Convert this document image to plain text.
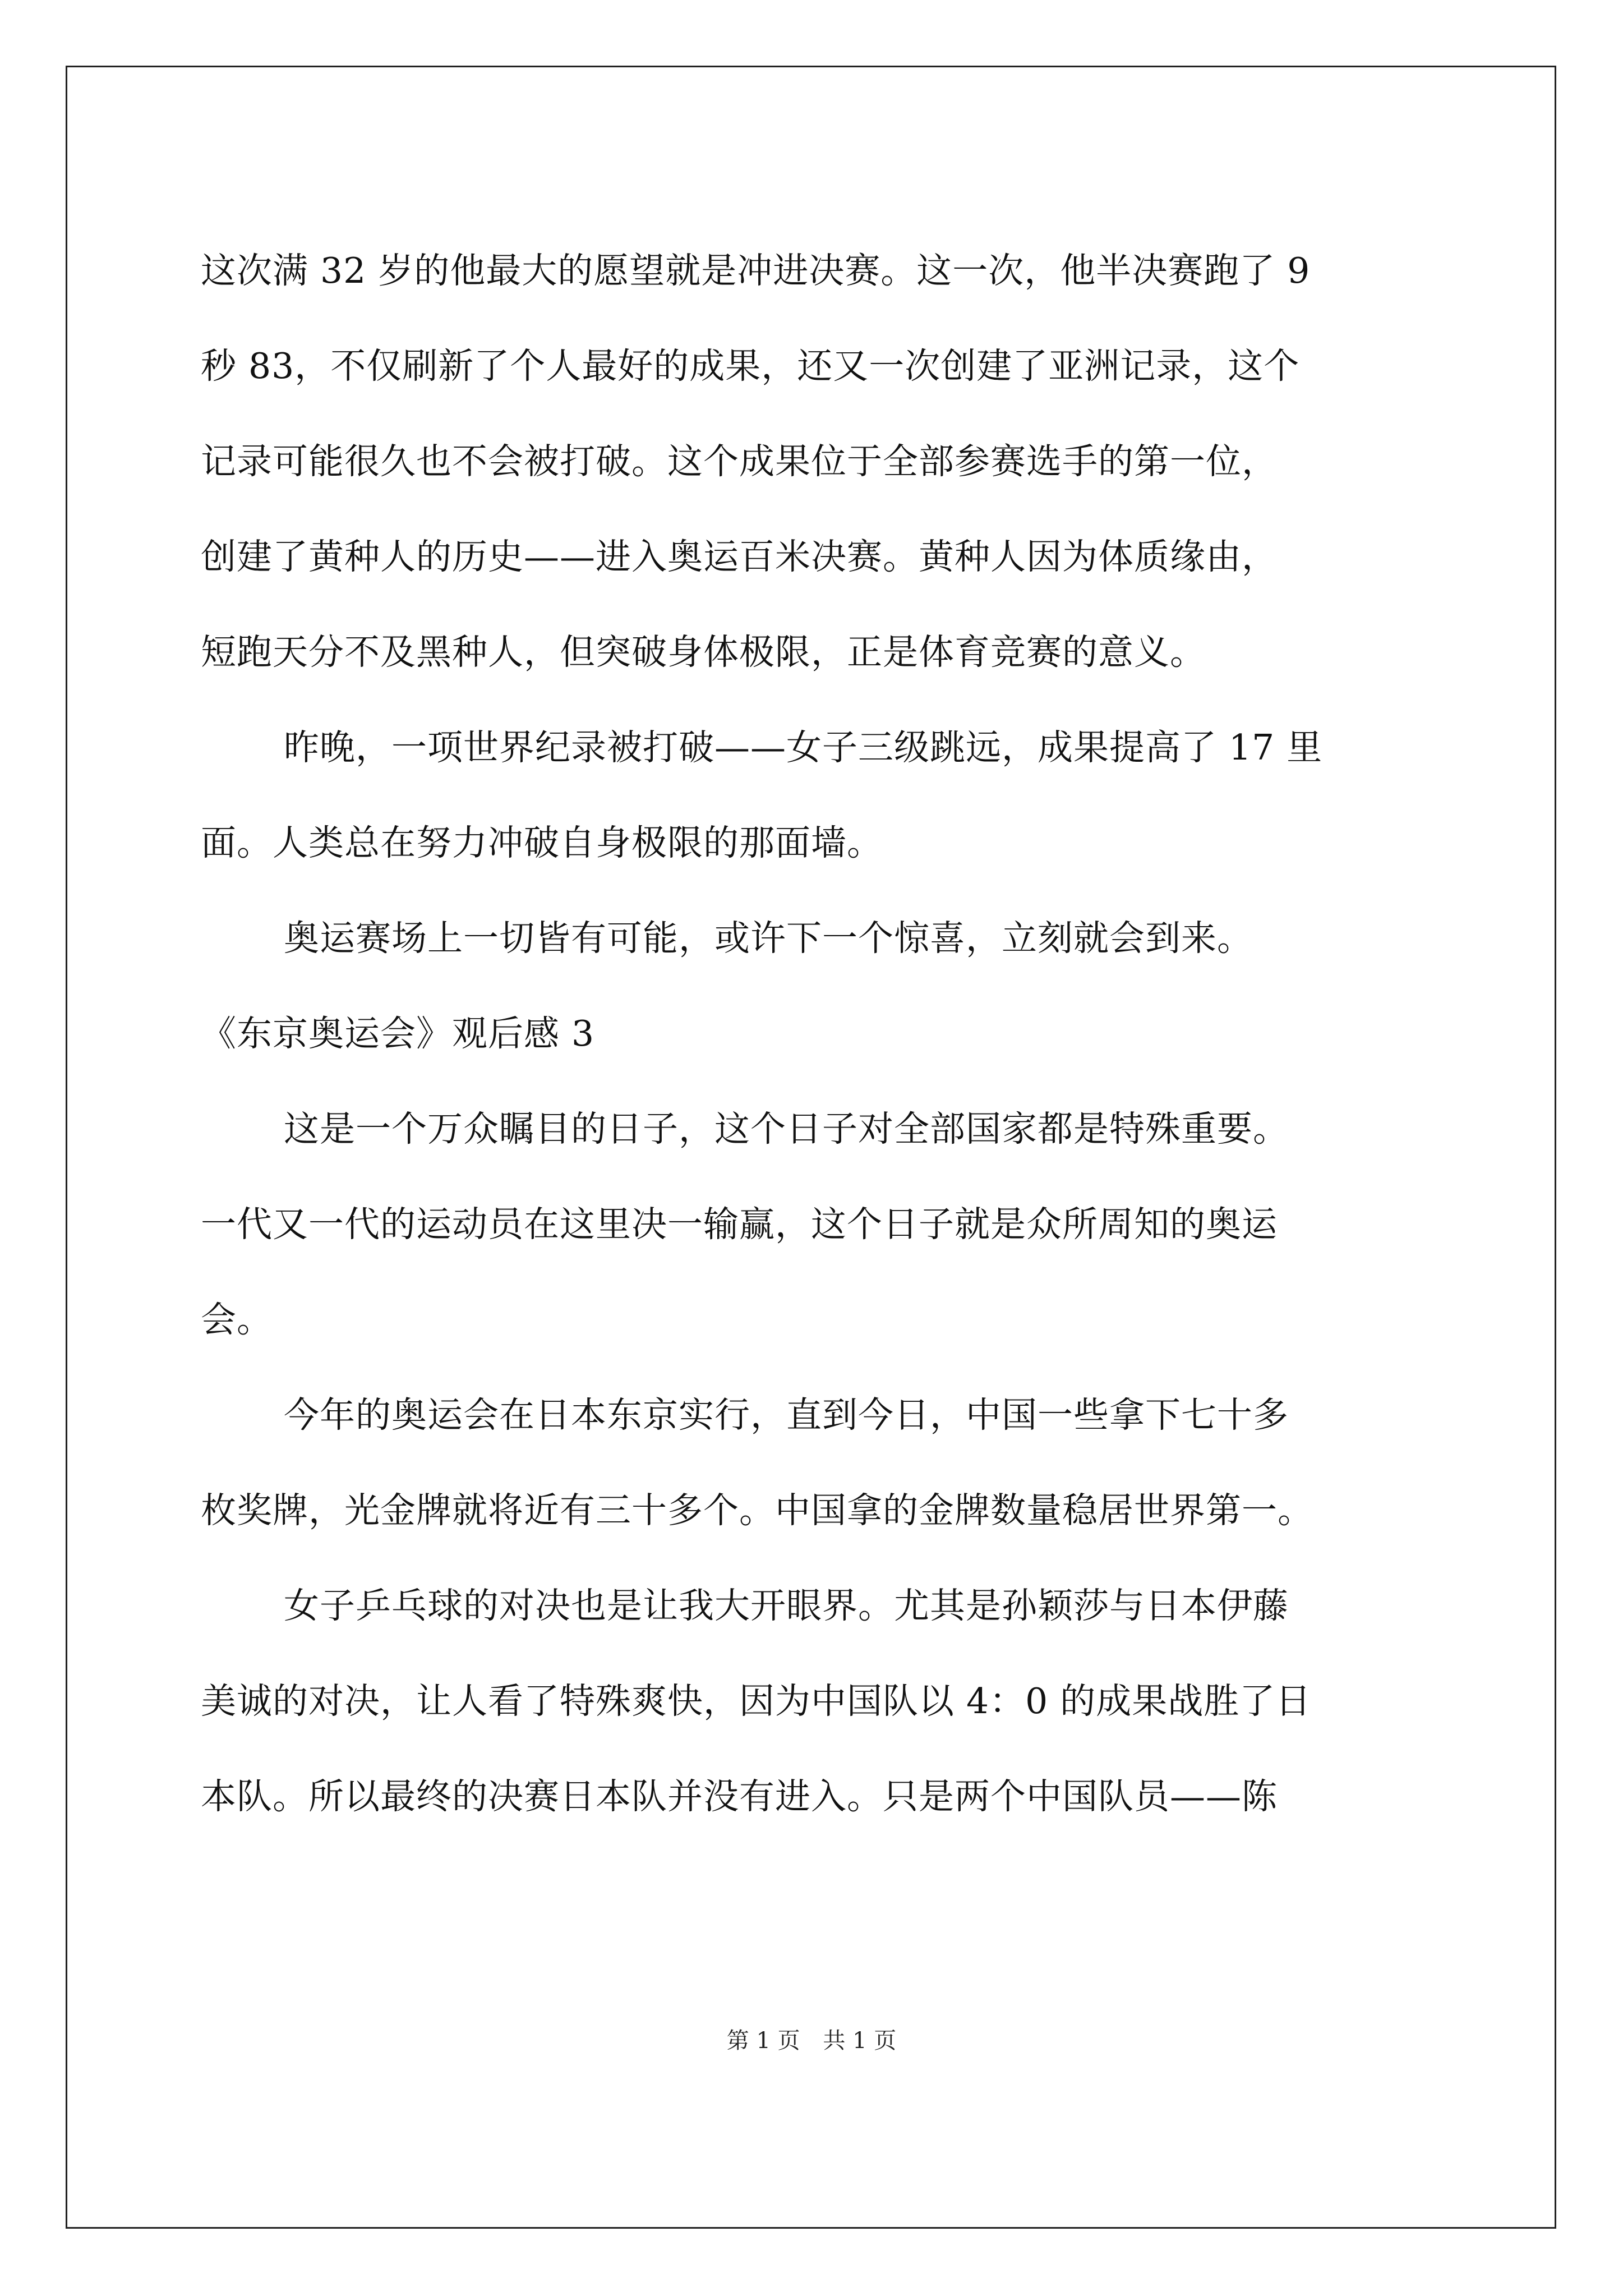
这次满 32 岁的他最大的愿望就是冲进决赛。这一次，他半决赛跑了 9
秒 83，不仅刷新了个人最好的成果，还又一次创建了亚洲记录，这个
记录可能很久也不会被打破。这个成果位于全部参赛选手的第一位，
创建了黄种人的历史——进入奥运百米决赛。黄种人因为体质缘由，
短跑天分不及黑种人，但突破身体极限，正是体育竞赛的意义。
昨晚，一项世界纪录被打破——女子三级跳远，成果提高了 17 里
面。人类总在努力冲破自身极限的那面墙。
奥运赛场上一切皆有可能，或许下一个惊喜，立刻就会到来。
《东京奥运会》观后感 3
这是一个万众瞩目的日子，这个日子对全部国家都是特殊重要。
一代又一代的运动员在这里决一输赢，这个日子就是众所周知的奥运
会。
今年的奥运会在日本东京实行，直到今日，中国一些拿下七十多
枚奖牌，光金牌就将近有三十多个。中国拿的金牌数量稳居世界第一。
女子乒乓球的对决也是让我大开眼界。尤其是孙颖莎与日本伊藤
美诚的对决，让人看了特殊爽快，因为中国队以 4：0 的成果战胜了日
本队。所以最终的决赛日本队并没有进入。只是两个中国队员——陈
第 1 页 共 1 页
